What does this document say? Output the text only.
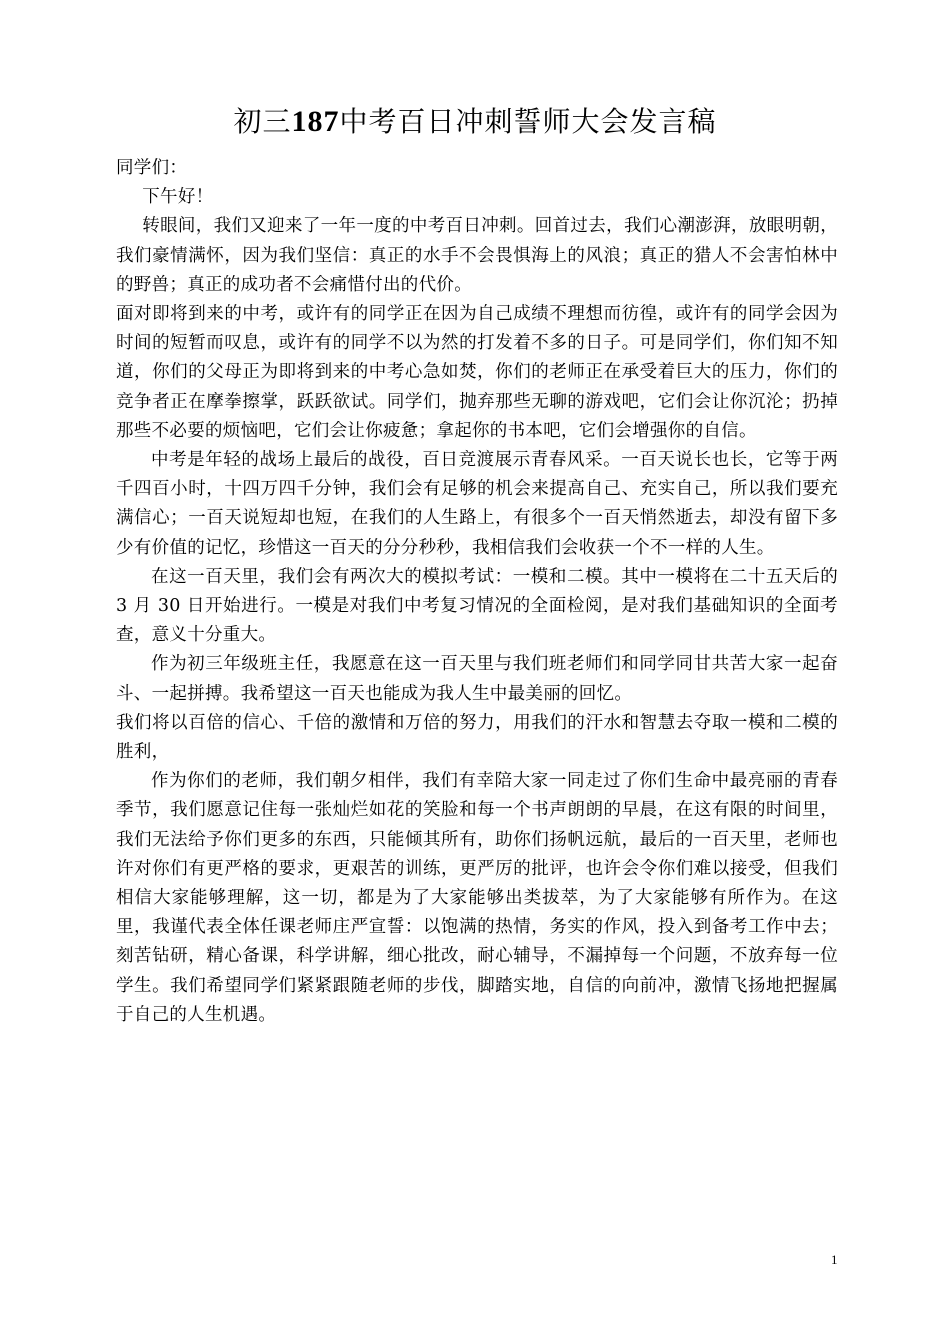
初三187中考百日冲刺誓师大会发言稿

同学们：

下午好！

转眼间，我们又迎来了一年一度的中考百日冲刺。回首过去，我们心潮澎湃，放眼明朝，我们豪情满怀，因为我们坚信：真正的水手不会畏惧海上的风浪；真正的猎人不会害怕林中的野兽；真正的成功者不会痛惜付出的代价。

面对即将到来的中考，或许有的同学正在因为自己成绩不理想而彷徨，或许有的同学会因为时间的短暂而叹息，或许有的同学不以为然的打发着不多的日子。可是同学们，你们知不知道，你们的父母正为即将到来的中考心急如焚，你们的老师正在承受着巨大的压力，你们的竞争者正在摩拳擦掌，跃跃欲试。同学们，抛弃那些无聊的游戏吧，它们会让你沉沦；扔掉那些不必要的烦恼吧，它们会让你疲惫；拿起你的书本吧，它们会增强你的自信。

中考是年轻的战场上最后的战役，百日竞渡展示青春风采。一百天说长也长，它等于两千四百小时，十四万四千分钟，我们会有足够的机会来提高自己、充实自己，所以我们要充满信心；一百天说短却也短，在我们的人生路上，有很多个一百天悄然逝去，却没有留下多少有价值的记忆，珍惜这一百天的分分秒秒，我相信我们会收获一个不一样的人生。

在这一百天里，我们会有两次大的模拟考试：一模和二模。其中一模将在二十五天后的 3 月 30 日开始进行。一模是对我们中考复习情况的全面检阅，是对我们基础知识的全面考查，意义十分重大。

作为初三年级班主任，我愿意在这一百天里与我们班老师们和同学同甘共苦大家一起奋斗、一起拼搏。我希望这一百天也能成为我人生中最美丽的回忆。

我们将以百倍的信心、千倍的激情和万倍的努力，用我们的汗水和智慧去夺取一模和二模的胜利，

作为你们的老师，我们朝夕相伴，我们有幸陪大家一同走过了你们生命中最亮丽的青春季节，我们愿意记住每一张灿烂如花的笑脸和每一个书声朗朗的早晨，在这有限的时间里，我们无法给予你们更多的东西，只能倾其所有，助你们扬帆远航，最后的一百天里，老师也许对你们有更严格的要求，更艰苦的训练，更严厉的批评，也许会令你们难以接受，但我们相信大家能够理解，这一切，都是为了大家能够出类拔萃，为了大家能够有所作为。在这里，我谨代表全体任课老师庄严宣誓：以饱满的热情，务实的作风，投入到备考工作中去；刻苦钻研，精心备课，科学讲解，细心批改，耐心辅导，不漏掉每一个问题，不放弃每一位学生。我们希望同学们紧紧跟随老师的步伐，脚踏实地，自信的向前冲，激情飞扬地把握属于自己的人生机遇。

1
